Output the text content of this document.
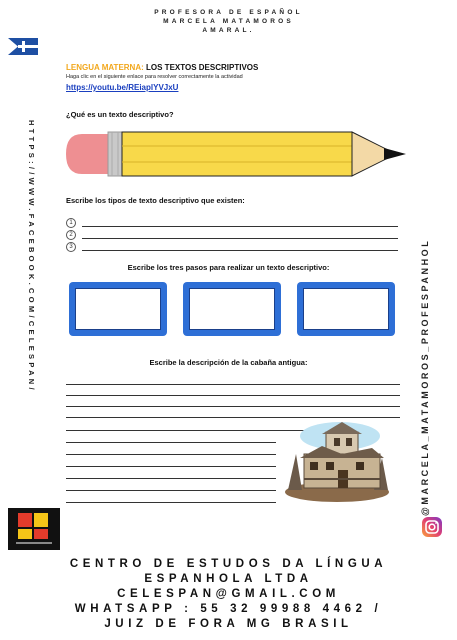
PROFESORA DE ESPAÑOL
MARCELA MATAMOROS
AMARAL.
HTTPS://WWW.FACEBOOK.COM/CELESPAN/	@MARCELA_MATAMOROS_PROFESPANHOL
LENGUA MATERNA: LOS TEXTOS DESCRIPTIVOS
Haga clic en el siguiente enlace para resolver correctamente la actividad
https://youtu.be/REiaplYVJxU
¿Qué es un texto descriptivo?
Escribe los tipos de texto descriptivo que existen:
1
2
3
Escribe los tres pasos para realizar un texto descriptivo:
Escribe la descripción de la cabaña antigua:
CENTRO DE ESTUDOS DA LÍNGUA
ESPANHOLA LTDA
CELESPAN@GMAIL.COM
WHATSAPP : 55 32 99988 4462 /
JUIZ DE FORA MG BRASIL
